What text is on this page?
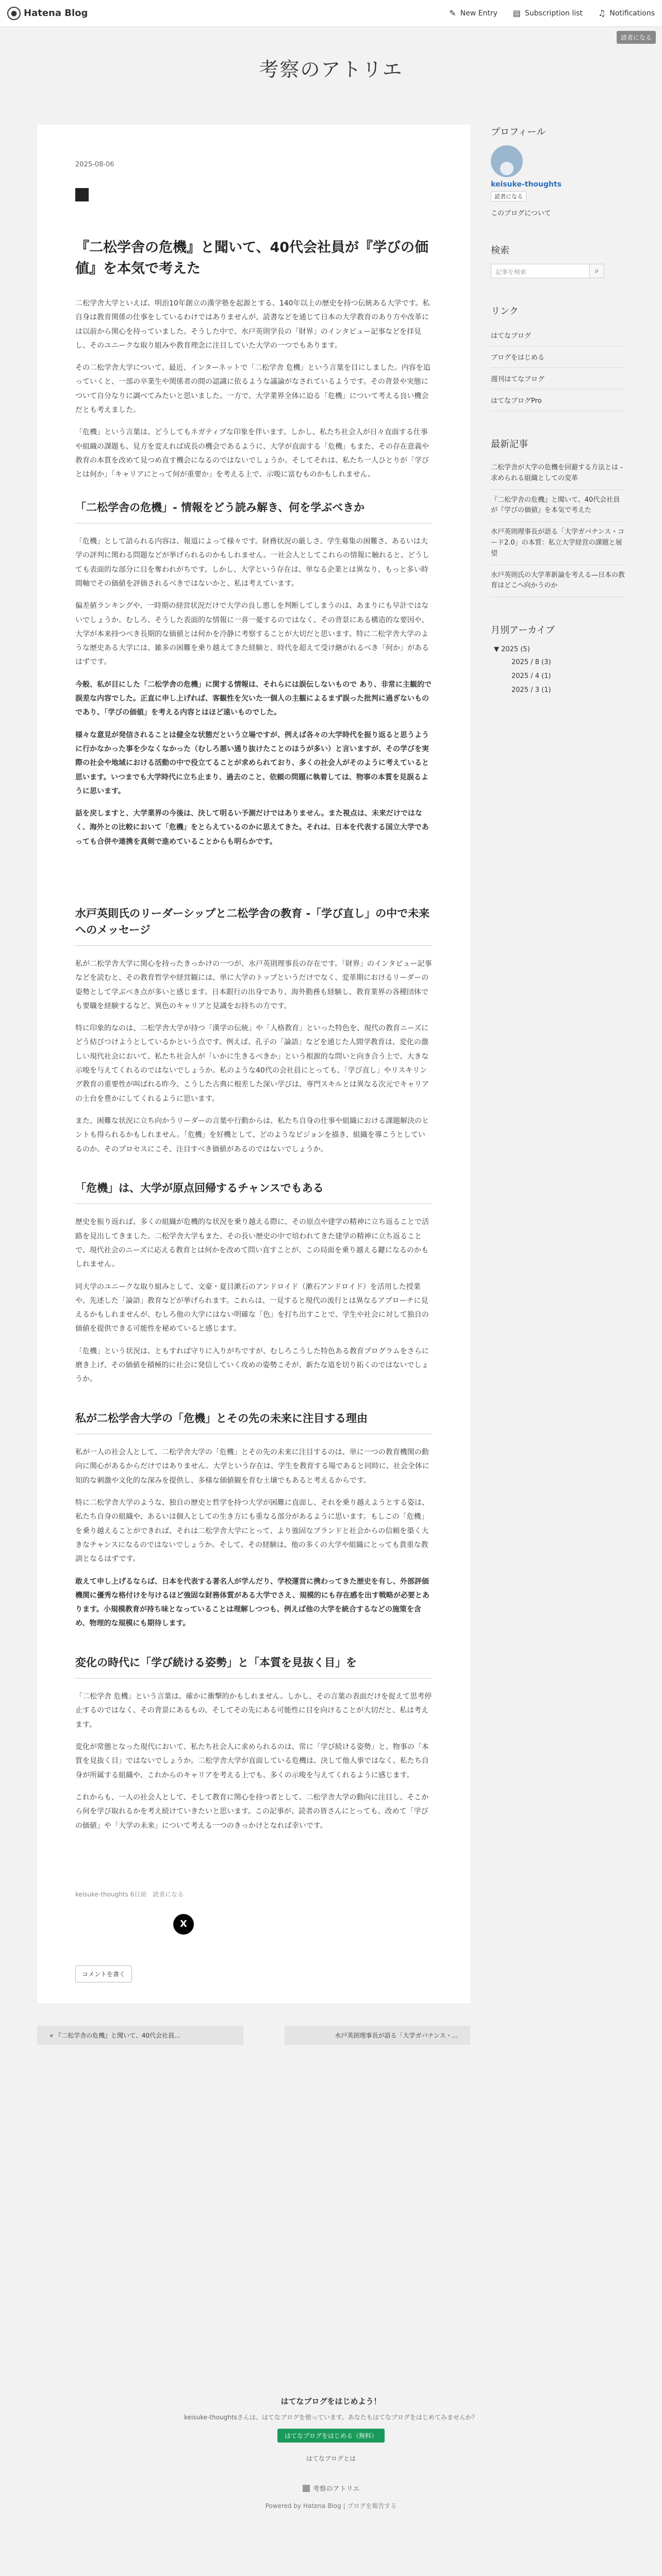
● Hatena Blog	✎ New Entry ▤ Subscription list ♫ Notifications
読者になる
考察のアトリエ
2025-08-06
『二松学舎の危機』と聞いて、40代会社員が『学びの価値』を本気で考えた

二松学舎大学といえば、明治10年創立の漢学塾を起源とする、140年以上の歴史を持つ伝統ある大学です。私自身は教育関係の仕事をしているわけではありませんが、読書などを通じて日本の大学教育のあり方や改革には以前から関心を持っていました。そうした中で、水戸英則学長の「財界」のインタビュー記事などを拝見し、そのユニークな取り組みや教育理念に注目していた大学の一つでもあります。

その二松学舎大学について、最近、インターネットで「二松学舎 危機」という言葉を目にしました。内容を追っていくと、一部の卒業生や関係者の間の認識に依るような議論がなされているようです。その背景や実態について自分なりに調べてみたいと思いました。一方で、大学業界全体に迫る「危機」について考える良い機会だとも考えました。

「危機」という言葉は、どうしてもネガティブな印象を伴います。しかし、私たち社会人が日々直面する仕事や組織の課題も、見方を変えれば成長の機会であるように、大学が直面する「危機」もまた、その存在意義や教育の本質を改めて見つめ直す機会になるのではないでしょうか。そしてそれは、私たち一人ひとりが「学びとは何か」「キャリアにとって何が重要か」を考える上で、示唆に富むものかもしれません。

「二松学舎の危機」- 情報をどう読み解き、何を学ぶべきか

「危機」として語られる内容は、報道によって様々です。財務状況の厳しさ、学生募集の困難さ、あるいは大学の評判に関わる問題などが挙げられるのかもしれません。一社会人としてこれらの情報に触れると、どうしても表面的な部分に目を奪われがちです。しかし、大学という存在は、単なる企業とは異なり、もっと多い時間軸でその価値を評価されるべきではないかと、私は考えています。

偏差値ランキングや、一時期の経営状況だけで大学の良し悪しを判断してしまうのは、あまりにも早計ではないでしょうか。むしろ、そうした表面的な情報に一喜一憂するのではなく、その背景にある構造的な要因や、大学が本来持つべき長期的な価値とは何かを冷静に考察することが大切だと思います。特に二松学舎大学のような歴史ある大学には、雑多の困難を乗り越えてきた経験と、時代を超えて受け継がれるべき「何か」があるはずです。

今般、私が目にした「二松学舎の危機」に関する情報は、それらには誤伝しないもので あり、非常に主観的で誤差な内容でした。正直に申し上げれば、客観性を欠いた一個人の主観によるまず誤った批判に過ぎないものであり、「学びの価値」を考える内容とはほど遠いものでした。

様々な意見が発信されることは健全な状態だという立場ですが、例えば各々の大学時代を振り返ると思うように行かなかった事を少なくなかった（むしろ悪い通り抜けたことのほうが多い）と言いますが、その学びを実際の社会や地域における活動の中で役立てることが求められており、多くの社会人がそのように考えていると思います。いつまでも大学時代に立ち止まり、過去のこと、依頼の問題に執着しては、物事の本質を見誤るように思います。

話を戻しますと、大学業界の今後は、決して明るい予測だけではありません。また視点は、未来だけではなく、海外との比較において「危機」をとらえているのかに思えてきた。それは、日本を代表する国立大学であっても合併や連携を真剣で進めていることからも明らかです。

水戸英則氏のリーダーシップと二松学舎の教育 -「学び直し」の中で未来へのメッセージ

私が二松学舎大学に関心を持ったきっかけの一つが、水戸英則理事長の存在です。「財界」のインタビュー記事などを読むと、その教育哲学や経営観には、単に大学のトップというだけでなく、変革期におけるリーダーの姿勢として学ぶべき点が多いと感じます。日本銀行の出身であり、海外勤務も経験し、教育業界の各種団体でも要職を経験するなど、異色のキャリアと見識をお持ちの方です。

特に印象的なのは、二松学舎大学が持つ「漢学の伝統」や「人格教育」といった特色を、現代の教育ニーズにどう結びつけようとしているかという点です。例えば、孔子の「論語」などを通じた人間学教育は、変化の激しい現代社会において、私たち社会人が「いかに生きるべきか」という根源的な問いと向き合う上で、大きな示唆を与えてくれるのではないでしょうか。私のような40代の会社員にとっても、「学び直し」やリスキリング教育の重要性が叫ばれる昨今、こうした古典に根差した深い学びは、専門スキルとは異なる次元でキャリアの土台を豊かにしてくれるように思います。

また、困難な状況に立ち向かうリーダーの言葉や行動からは、私たち自身の仕事や組織における課題解決のヒントも得られるかもしれません。「危機」を好機として、どのようなビジョンを描き、組織を導こうとしているのか。そのプロセスにこそ、注目すべき価値があるのではないでしょうか。

「危機」は、大学が原点回帰するチャンスでもある

歴史を振り返れば、多くの組織が危機的な状況を乗り越える際に、その原点や建学の精神に立ち返ることで活路を見出してきました。二松学舎大学もまた、その長い歴史の中で培われてきた建学の精神に立ち返ることで、現代社会のニーズに応える教育とは何かを改めて問い直すことが、この局面を乗り越える鍵になるのかもしれません。

同大学のユニークな取り組みとして、文豪・夏目漱石のアンドロイド（漱石アンドロイド）を活用した授業や、先述した「論語」教育などが挙げられます。これらは、一見すると現代の流行とは異なるアプローチに見えるかもしれませんが、むしろ他の大学にはない明確な「色」を打ち出すことで、学生や社会に対して独自の価値を提供できる可能性を秘めていると感じます。

「危機」という状況は、ともすれば守りに入りがちですが、むしろこうした特色ある教育プログラムをさらに磨き上げ、その価値を積極的に社会に発信していく攻めの姿勢こそが、新たな道を切り拓くのではないでしょうか。

私が二松学舎大学の「危機」とその先の未来に注目する理由

私が一人の社会人として、二松学舎大学の「危機」とその先の未来に注目するのは、単に一つの教育機関の動向に関心があるからだけではありません。大学という存在は、学生を教育する場であると同時に、社会全体に知的な刺激や文化的な深みを提供し、多様な価値観を育む土壌でもあると考えるからです。

特に二松学舎大学のような、独自の歴史と哲学を持つ大学が困難に直面し、それを乗り越えようとする姿は、私たち自身の組織や、あるいは個人としての生き方にも重なる部分があるように思います。もしこの「危機」を乗り越えることができれば、それは二松学舎大学にとって、より強固なブランドと社会からの信頼を築く大きなチャンスになるのではないでしょうか。そして、その経験は、他の多くの大学や組織にとっても貴重な教訓となるはずです。

敢えて申し上げるならば、日本を代表する著名人が学んだり、学校運営に携わってきた歴史を有し、外部評価機関に優秀な格付けを与けるほど強固な財務体質がある大学でさえ、規模的にも存在感を出す戦略が必要とあります。小規模教育が持ち味となっていることは理解しつつも、例えば他の大学を統合するなどの施策を含め、物理的な規模にも期待します。

変化の時代に「学び続ける姿勢」と「本質を見抜く目」を

「二松学舎 危機」という言葉は、確かに衝撃的かもしれません。しかし、その言葉の表面だけを捉えて思考停止するのではなく、その背景にあるもの、そしてその先にある可能性に目を向けることが大切だと、私は考えます。

変化が常態となった現代において、私たち社会人に求められるのは、常に「学び続ける姿勢」と、物事の「本質を見抜く目」ではないでしょうか。二松学舎大学が直面している危機は、決して他人事ではなく、私たち自身が所属する組織や、これからのキャリアを考える上でも、多くの示唆を与えてくれるように感じます。

これからも、一人の社会人として、そして教育に関心を持つ者として、二松学舎大学の動向に注目し、そこから何を学び取れるかを考え続けていきたいと思います。この記事が、読者の皆さんにとっても、改めて「学びの価値」や「大学の未来」について考える一つのきっかけとなれば幸いです。

keisuke-thoughts 6日前　読者になる
X
コメントを書く
« 『二松学舎の危機』と聞いて、40代会社員...	水戸英則理事長が語る「大学ガバナンス・...
プロフィール
keisuke-thoughts
読者になる
このブログについて
検索
記事を検索	⌕
リンク
はてなブログ
ブログをはじめる
週刊はてなブログ
はてなブログPro
最新記事
二松学舎が大学の危機を回避する方法とは - 求められる組織としての変革
『二松学舎の危機』と聞いて、40代会社員が『学びの価値』を本気で考えた
水戸英則理事長が語る「大学ガバナンス・コード2.0」の本質：私立大学経営の課題と展望
水戸英則氏の大学革新論を考える—日本の教育はどこへ向かうのか
月別アーカイブ
▼ 2025 (5)
2025 / 8 (3)
2025 / 4 (1)
2025 / 3 (1)
はてなブログをはじめよう！
keisuke-thoughtsさんは、はてなブログを使っています。あなたもはてなブログをはじめてみませんか？
はてなブログをはじめる（無料）
はてなブログとは
考察のアトリエ
Powered by Hatena Blog | ブログを報告する
